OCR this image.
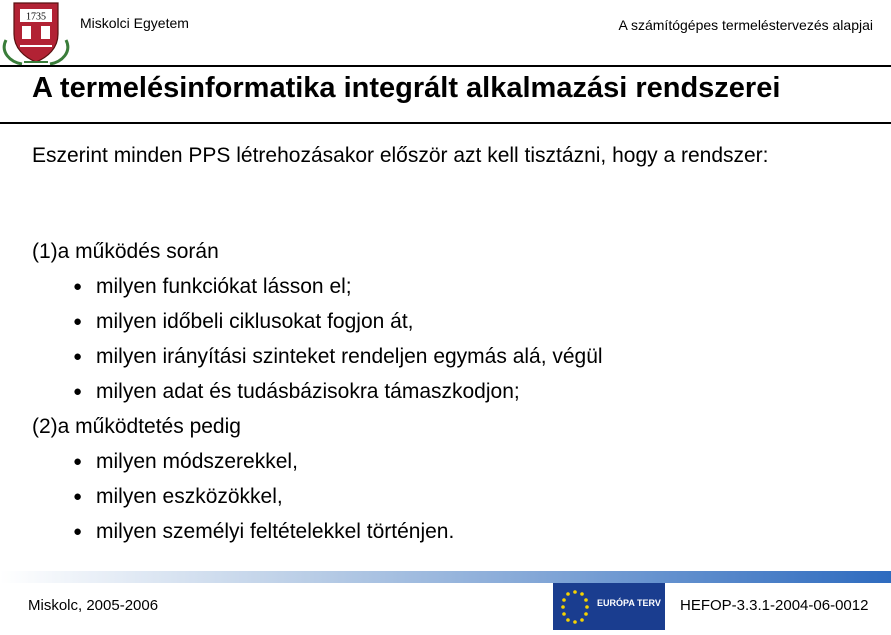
1735 Miskolci Egyetem	A számítógépes termeléstervezés alapjai
A termelésinformatika integrált alkalmazási rendszerei
Eszerint minden PPS létrehozásakor először azt kell tisztázni, hogy a rendszer:
(1)a működés során
● milyen funkciókat lásson el;
● milyen időbeli ciklusokat fogjon át,
● milyen irányítási szinteket rendeljen egymás alá, végül
● milyen adat és tudásbázisokra támaszkodjon;
(2)a működtetés pedig
● milyen módszerekkel,
● milyen eszközökkel,
● milyen személyi feltételekkel történjen.
Miskolc, 2005-2006	EURÓPA TERV HEFOP-3.3.1-2004-06-0012
